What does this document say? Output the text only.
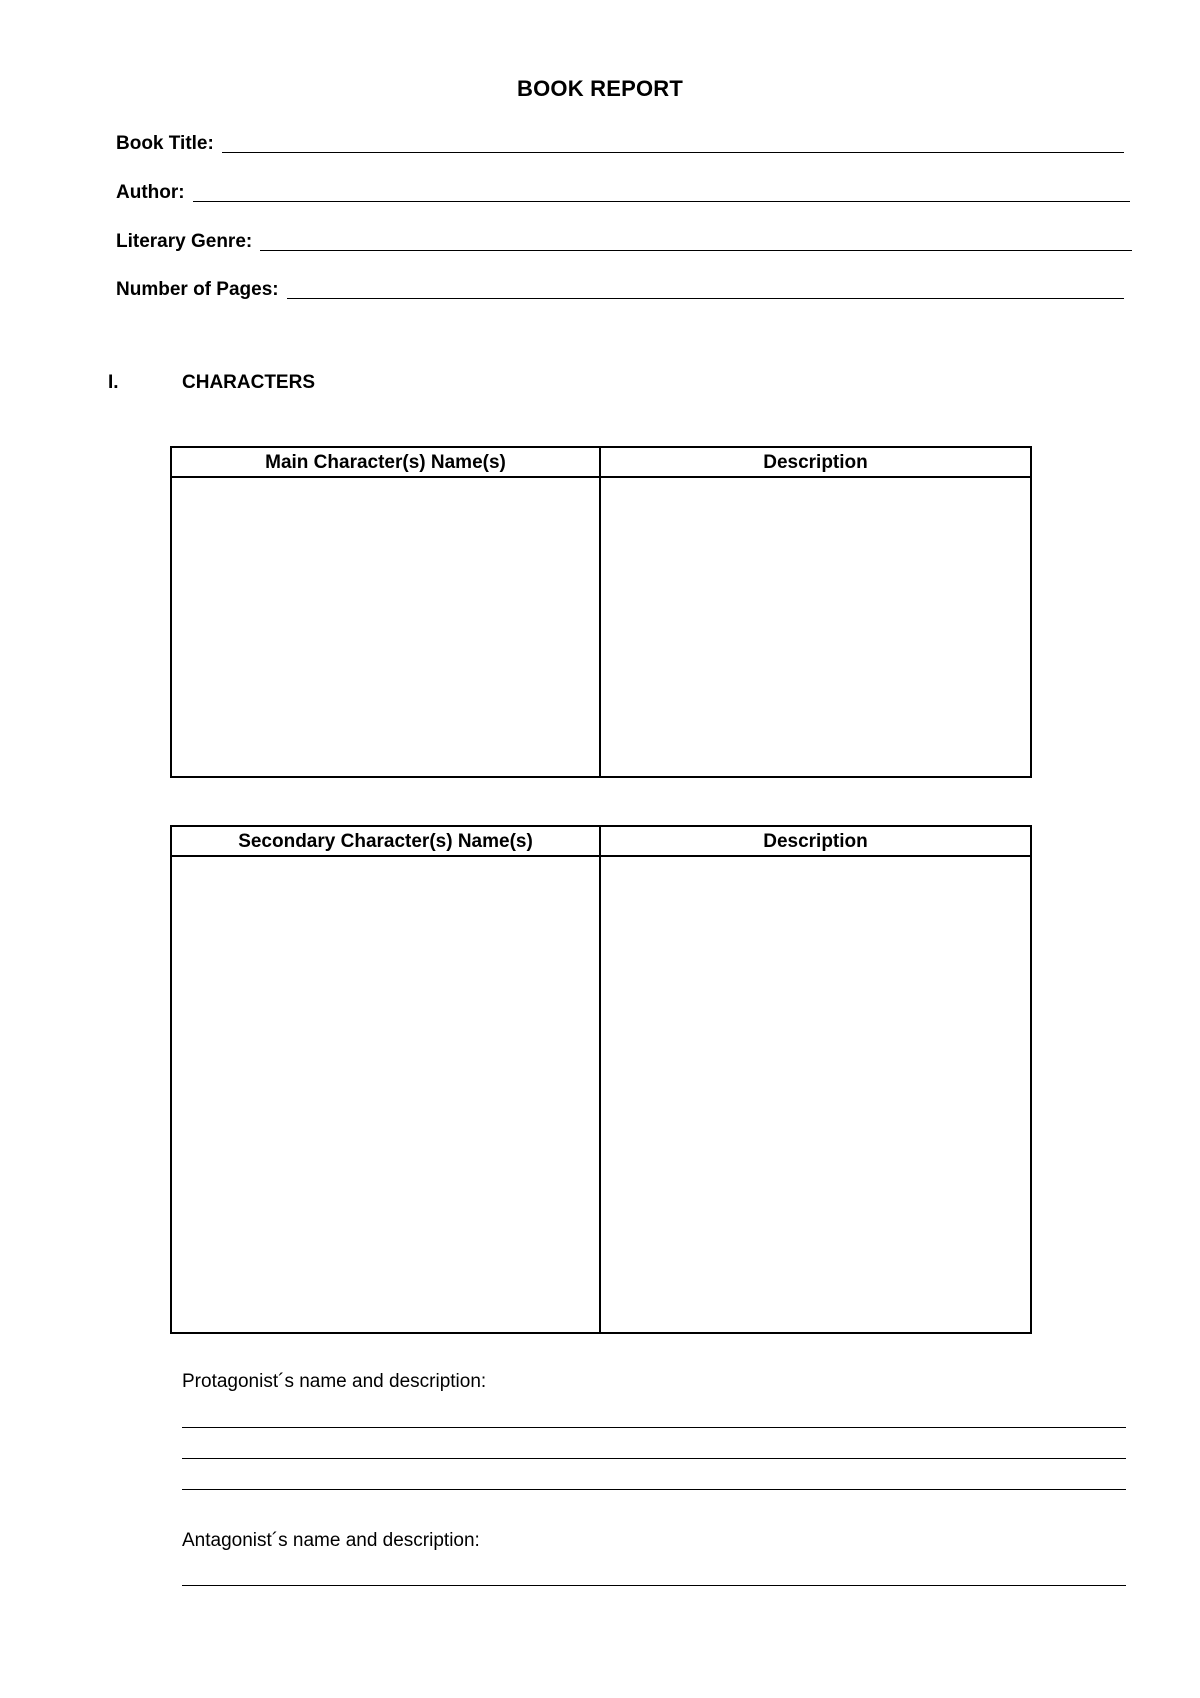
BOOK REPORT
Book Title:
Author:
Literary Genre:
Number of Pages:
I.	CHARACTERS
Main Character(s) Name(s)	Description
Secondary Character(s) Name(s)	Description
Protagonist´s name and description:
Antagonist´s name and description:
